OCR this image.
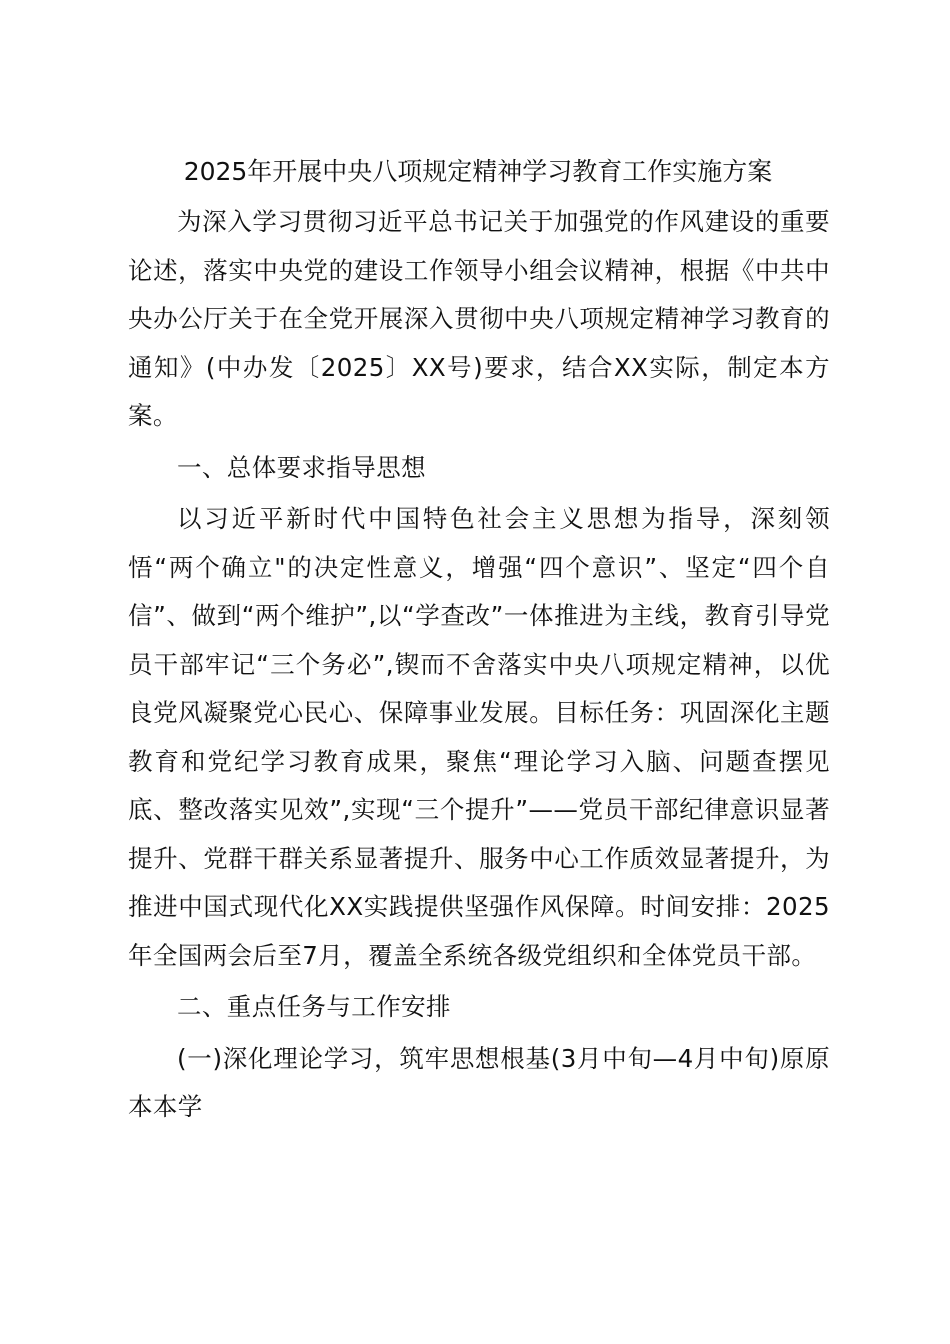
2025年开展中央八项规定精神学习教育工作实施方案

为深入学习贯彻习近平总书记关于加强党的作风建设的重要论述，落实中央党的建设工作领导小组会议精神，根据《中共中央办公厅关于在全党开展深入贯彻中央八项规定精神学习教育的通知》(中办发〔2025〕XX号)要求，结合XX实际，制定本方案。

一、总体要求指导思想

以习近平新时代中国特色社会主义思想为指导，深刻领悟“两个确立"的决定性意义，增强“四个意识”、坚定“四个自信”、做到“两个维护”,以“学查改”一体推进为主线，教育引导党员干部牢记“三个务必”,锲而不舍落实中央八项规定精神，以优良党风凝聚党心民心、保障事业发展。目标任务：巩固深化主题教育和党纪学习教育成果，聚焦“理论学习入脑、问题查摆见底、整改落实见效”,实现“三个提升”——党员干部纪律意识显著提升、党群干群关系显著提升、服务中心工作质效显著提升，为推进中国式现代化XX实践提供坚强作风保障。时间安排：2025年全国两会后至7月，覆盖全系统各级党组织和全体党员干部。

二、重点任务与工作安排

(一)深化理论学习，筑牢思想根基(3月中旬—4月中旬)原原本本学
